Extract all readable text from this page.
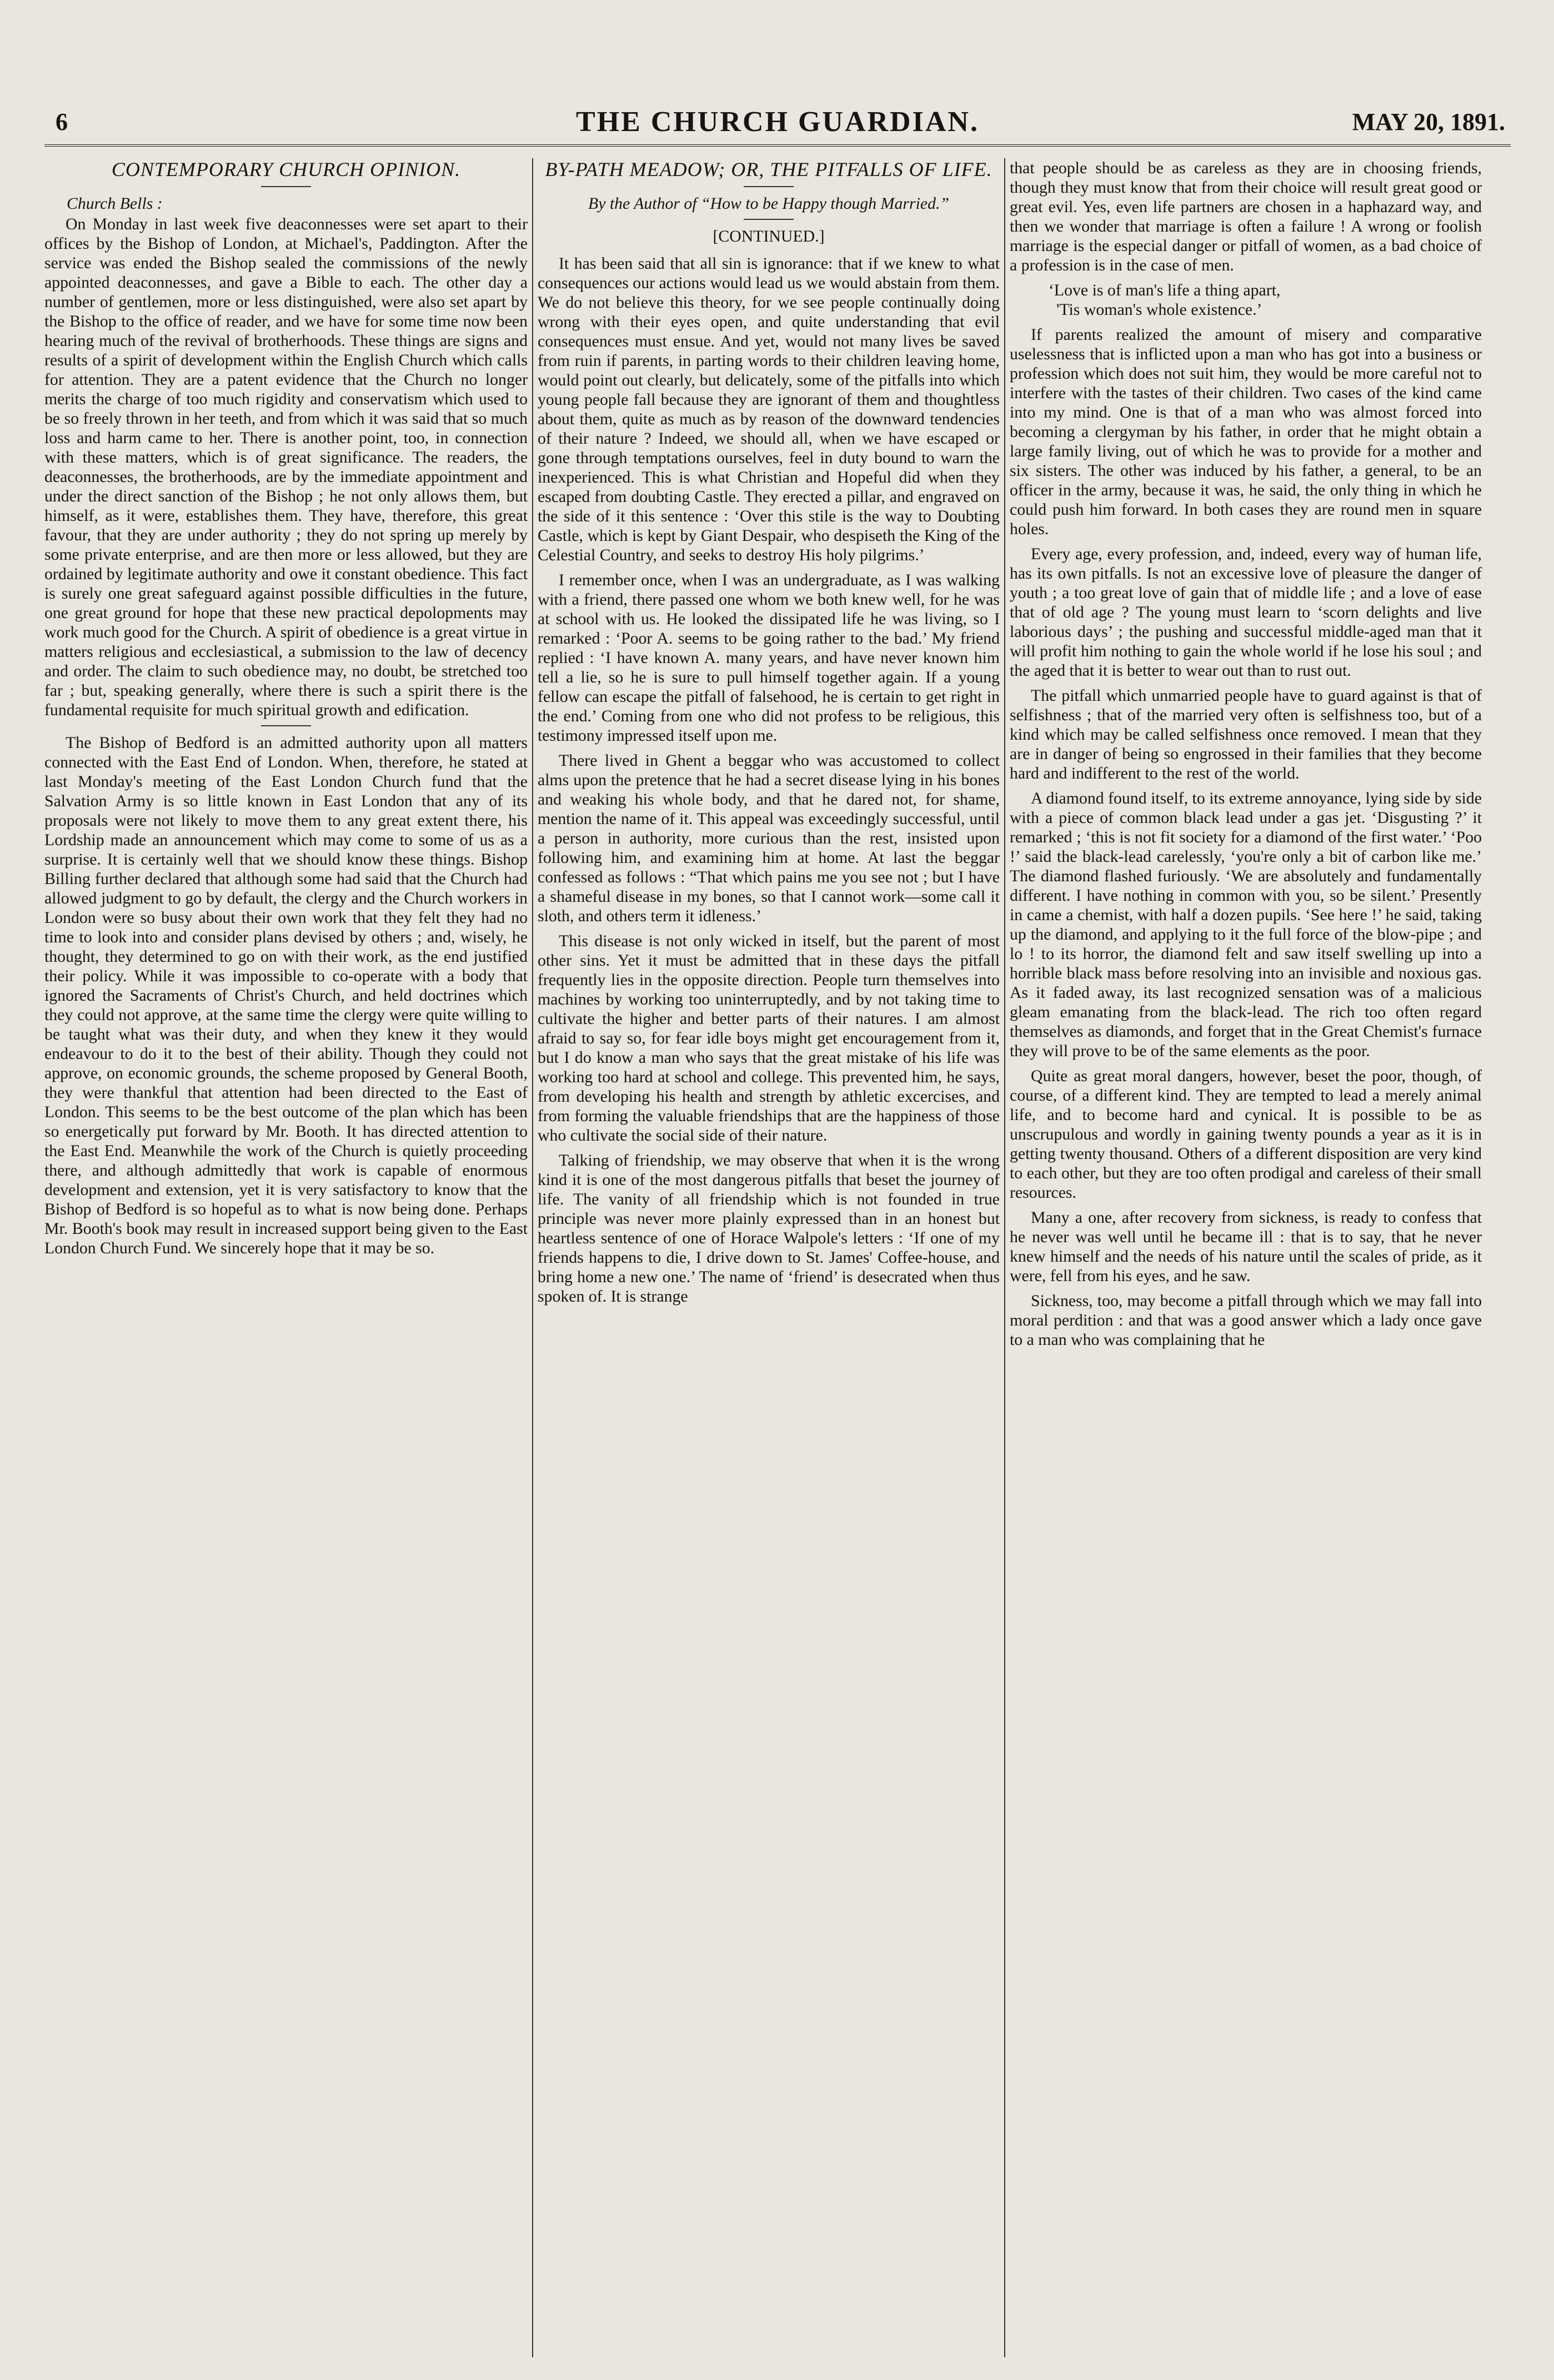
6	THE CHURCH GUARDIAN.	MAY 20, 1891.
CONTEMPORARY CHURCH OPINION.
Church Bells :

On Monday in last week five deaconnesses were set apart to their offices by the Bishop of London, at Michael's, Paddington. After the service was ended the Bishop sealed the commissions of the newly appointed deaconnesses, and gave a Bible to each. The other day a number of gentlemen, more or less distinguished, were also set apart by the Bishop to the office of reader, and we have for some time now been hearing much of the revival of brotherhoods. These things are signs and results of a spirit of development within the English Church which calls for attention. They are a patent evidence that the Church no longer merits the charge of too much rigidity and conservatism which used to be so freely thrown in her teeth, and from which it was said that so much loss and harm came to her. There is another point, too, in connection with these matters, which is of great significance. The readers, the deaconnesses, the brotherhoods, are by the immediate appointment and under the direct sanction of the Bishop ; he not only allows them, but himself, as it were, establishes them. They have, therefore, this great favour, that they are under authority ; they do not spring up merely by some private enterprise, and are then more or less allowed, but they are ordained by legitimate authority and owe it constant obedience. This fact is surely one great safeguard against possible difficulties in the future, one great ground for hope that these new practical depolopments may work much good for the Church. A spirit of obedience is a great virtue in matters religious and ecclesiastical, a submission to the law of decency and order. The claim to such obedience may, no doubt, be stretched too far ; but, speaking generally, where there is such a spirit there is the fundamental requisite for much spiritual growth and edification.

The Bishop of Bedford is an admitted authority upon all matters connected with the East End of London. When, therefore, he stated at last Monday's meeting of the East London Church fund that the Salvation Army is so little known in East London that any of its proposals were not likely to move them to any great extent there, his Lordship made an announcement which may come to some of us as a surprise. It is certainly well that we should know these things. Bishop Billing further declared that although some had said that the Church had allowed judgment to go by default, the clergy and the Church workers in London were so busy about their own work that they felt they had no time to look into and consider plans devised by others ; and, wisely, he thought, they determined to go on with their work, as the end justified their policy. While it was impossible to co-operate with a body that ignored the Sacraments of Christ's Church, and held doctrines which they could not approve, at the same time the clergy were quite willing to be taught what was their duty, and when they knew it they would endeavour to do it to the best of their ability. Though they could not approve, on economic grounds, the scheme proposed by General Booth, they were thankful that attention had been directed to the East of London. This seems to be the best outcome of the plan which has been so energetically put forward by Mr. Booth. It has directed attention to the East End. Meanwhile the work of the Church is quietly proceeding there, and although admittedly that work is capable of enormous development and extension, yet it is very satisfactory to know that the Bishop of Bedford is so hopeful as to what is now being done. Perhaps Mr. Booth's book may result in increased support being given to the East London Church Fund. We sincerely hope that it may be so.

BY-PATH MEADOW; OR, THE PITFALLS OF LIFE.
By the Author of “How to be Happy though Married.”
[CONTINUED.]

It has been said that all sin is ignorance: that if we knew to what consequences our actions would lead us we would abstain from them. We do not believe this theory, for we see people continually doing wrong with their eyes open, and quite understanding that evil consequences must ensue. And yet, would not many lives be saved from ruin if parents, in parting words to their children leaving home, would point out clearly, but delicately, some of the pitfalls into which young people fall because they are ignorant of them and thoughtless about them, quite as much as by reason of the downward tendencies of their nature ? Indeed, we should all, when we have escaped or gone through temptations ourselves, feel in duty bound to warn the inexperienced. This is what Christian and Hopeful did when they escaped from doubting Castle. They erected a pillar, and engraved on the side of it this sentence : ‘Over this stile is the way to Doubting Castle, which is kept by Giant Despair, who despiseth the King of the Celestial Country, and seeks to destroy His holy pilgrims.’

I remember once, when I was an undergraduate, as I was walking with a friend, there passed one whom we both knew well, for he was at school with us. He looked the dissipated life he was living, so I remarked : ‘Poor A. seems to be going rather to the bad.’ My friend replied : ‘I have known A. many years, and have never known him tell a lie, so he is sure to pull himself together again. If a young fellow can escape the pitfall of falsehood, he is certain to get right in the end.’ Coming from one who did not profess to be religious, this testimony impressed itself upon me.

There lived in Ghent a beggar who was accustomed to collect alms upon the pretence that he had a secret disease lying in his bones and weaking his whole body, and that he dared not, for shame, mention the name of it. This appeal was exceedingly successful, until a person in authority, more curious than the rest, insisted upon following him, and examining him at home. At last the beggar confessed as follows : “That which pains me you see not ; but I have a shameful disease in my bones, so that I cannot work—some call it sloth, and others term it idleness.’

This disease is not only wicked in itself, but the parent of most other sins. Yet it must be admitted that in these days the pitfall frequently lies in the opposite direction. People turn themselves into machines by working too uninterruptedly, and by not taking time to cultivate the higher and better parts of their natures. I am almost afraid to say so, for fear idle boys might get encouragement from it, but I do know a man who says that the great mistake of his life was working too hard at school and college. This prevented him, he says, from developing his health and strength by athletic excercises, and from forming the valuable friendships that are the happiness of those who cultivate the social side of their nature.

Talking of friendship, we may observe that when it is the wrong kind it is one of the most dangerous pitfalls that beset the journey of life. The vanity of all friendship which is not founded in true principle was never more plainly expressed than in an honest but heartless sentence of one of Horace Walpole's letters : ‘If one of my friends happens to die, I drive down to St. James' Coffee-house, and bring home a new one.’ The name of ‘friend’ is desecrated when thus spoken of. It is strange

that people should be as careless as they are in choosing friends, though they must know that from their choice will result great good or great evil. Yes, even life partners are chosen in a haphazard way, and then we wonder that marriage is often a failure ! A wrong or foolish marriage is the especial danger or pitfall of women, as a bad choice of a profession is in the case of men.

‘Love is of man's life a thing apart,
'Tis woman's whole existence.’

If parents realized the amount of misery and comparative uselessness that is inflicted upon a man who has got into a business or profession which does not suit him, they would be more careful not to interfere with the tastes of their children. Two cases of the kind came into my mind. One is that of a man who was almost forced into becoming a clergyman by his father, in order that he might obtain a large family living, out of which he was to provide for a mother and six sisters. The other was induced by his father, a general, to be an officer in the army, because it was, he said, the only thing in which he could push him forward. In both cases they are round men in square holes.

Every age, every profession, and, indeed, every way of human life, has its own pitfalls. Is not an excessive love of pleasure the danger of youth ; a too great love of gain that of middle life ; and a love of ease that of old age ? The young must learn to ‘scorn delights and live laborious days’ ; the pushing and successful middle-aged man that it will profit him nothing to gain the whole world if he lose his soul ; and the aged that it is better to wear out than to rust out.

The pitfall which unmarried people have to guard against is that of selfishness ; that of the married very often is selfishness too, but of a kind which may be called selfishness once removed. I mean that they are in danger of being so engrossed in their families that they become hard and indifferent to the rest of the world.

A diamond found itself, to its extreme annoyance, lying side by side with a piece of common black lead under a gas jet. ‘Disgusting ?’ it remarked ; ‘this is not fit society for a diamond of the first water.’ ‘Poo !’ said the black-lead carelessly, ‘you're only a bit of carbon like me.’ The diamond flashed furiously. ‘We are absolutely and fundamentally different. I have nothing in common with you, so be silent.’ Presently in came a chemist, with half a dozen pupils. ‘See here !’ he said, taking up the diamond, and applying to it the full force of the blow-pipe ; and lo ! to its horror, the diamond felt and saw itself swelling up into a horrible black mass before resolving into an invisible and noxious gas. As it faded away, its last recognized sensation was of a malicious gleam emanating from the black-lead. The rich too often regard themselves as diamonds, and forget that in the Great Chemist's furnace they will prove to be of the same elements as the poor.

Quite as great moral dangers, however, beset the poor, though, of course, of a different kind. They are tempted to lead a merely animal life, and to become hard and cynical. It is possible to be as unscrupulous and wordly in gaining twenty pounds a year as it is in getting twenty thousand. Others of a different disposition are very kind to each other, but they are too often prodigal and careless of their small resources.

Many a one, after recovery from sickness, is ready to confess that he never was well until he became ill : that is to say, that he never knew himself and the needs of his nature until the scales of pride, as it were, fell from his eyes, and he saw.

Sickness, too, may become a pitfall through which we may fall into moral perdition : and that was a good answer which a lady once gave to a man who was complaining that he
